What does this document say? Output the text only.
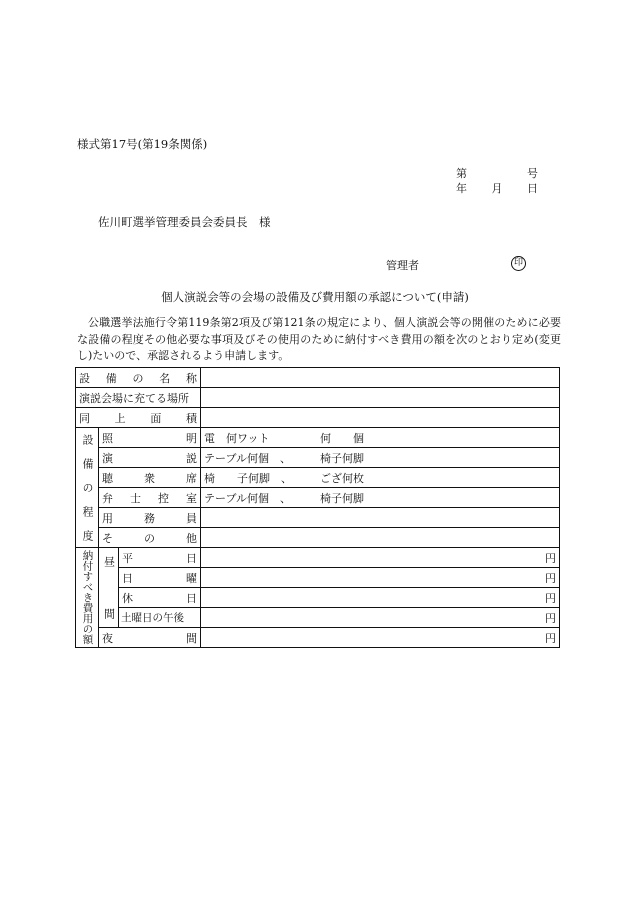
様式第17号(第19条関係)
第	号
年 月 日
佐川町選挙管理委員会委員長　様
管理者	印
個人演説会等の会場の設備及び費用額の承認について(申請)
公職選挙法施行令第119条第2項及び第121条の規定により、個人演説会等の開催のために必要な設備の程度その他必要な事項及びその使用のために納付すべき費用の額を次のとおり定め(変更し)たいので、承認されるよう申請します。
設 備 の 名 称			

演説会場に充てる場所			

同 上 面 積			

設備の程度	照 明		電　何ワット 何　　個

	演 説		テーブル何個　、 椅子何脚

	聴 衆 席		椅　　子何脚　、 ござ何枚

	弁 士 控 室		テーブル何個　、 椅子何脚

	用 務 員		

	そ の 他		

納付すべき費用の額	昼間	平 日	円

		日 曜	円

		休 日	円
		土曜日の午後	円

	夜 間		円
